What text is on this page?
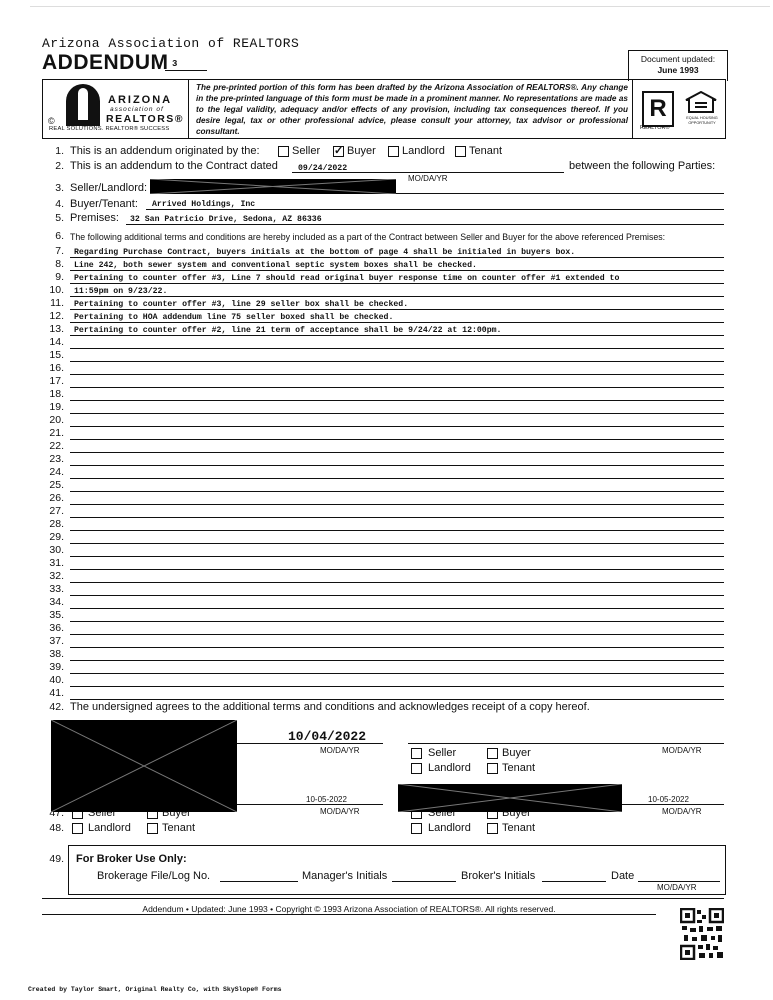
Arizona Association of REALTORS
ADDENDUM 3	Document updated:
June 1993
ARIZONA
association of
REALTORS®
©
REAL SOLUTIONS. REALTOR® SUCCESS
The pre-printed portion of this form has been drafted by the Arizona Association of REALTORS®. Any change in the pre-printed language of this form must be made in a prominent manner. No representations are made as to the legal validity, adequacy and/or effects of any provision, including tax consequences thereof. If you desire legal, tax or other professional advice, please consult your attorney, tax advisor or professional consultant.
R
REALTOR®
EQUAL HOUSING OPPORTUNITY
1. This is an addendum originated by the:	Seller ✓ Buyer Landlord Tenant
2. This is an addendum to the Contract dated 09/24/2022	between the following Parties:
MO/DA/YR
3. Seller/Landlord:
4. Buyer/Tenant: Arrived Holdings, Inc
5. Premises: 32 San Patricio Drive, Sedona, AZ 86336
6. The following additional terms and conditions are hereby included as a part of the Contract between Seller and Buyer for the above referenced Premises:
7. Regarding Purchase Contract, buyers initials at the bottom of page 4 shall be initialed in buyers box.
8. Line 242, both sewer system and conventional septic system boxes shall be checked.
9. Pertaining to counter offer #3, Line 7 should read original buyer response time on counter offer #1 extended to
10. 11:59pm on 9/23/22.
11. Pertaining to counter offer #3, line 29 seller box shall be checked.
12. Pertaining to HOA addendum line 75 seller boxed shall be checked.
13. Pertaining to counter offer #2, line 21 term of acceptance shall be 9/24/22 at 12:00pm.
14.
15.
16.
17.
18.
19.
20.
21.
22.
23.
24.
25.
26.
27.
28.
29.
30.
31.
32.
33.
34.
35.
36.
37.
38.
39.
40.
41.
42. The undersigned agrees to the additional terms and conditions and acknowledges receipt of a copy hereof.
4
4
4
4
47.
48.
10/04/2022
MO/DA/YR	MO/DA/YR
Seller	Buyer
Landlord	Tenant
10-05-2022
MO/DA/YR
Seller	Buyer
Landlord	Tenant
10-05-2022
MO/DA/YR
Seller	Buyer
Landlord	Tenant
49. For Broker Use Only:
Brokerage File/Log No.	Manager's Initials	Broker's Initials	Date
MO/DA/YR
Addendum • Updated: June 1993 • Copyright © 1993 Arizona Association of REALTORS®. All rights reserved.
Created by Taylor Smart, Original Realty Co, with SkySlope® Forms
